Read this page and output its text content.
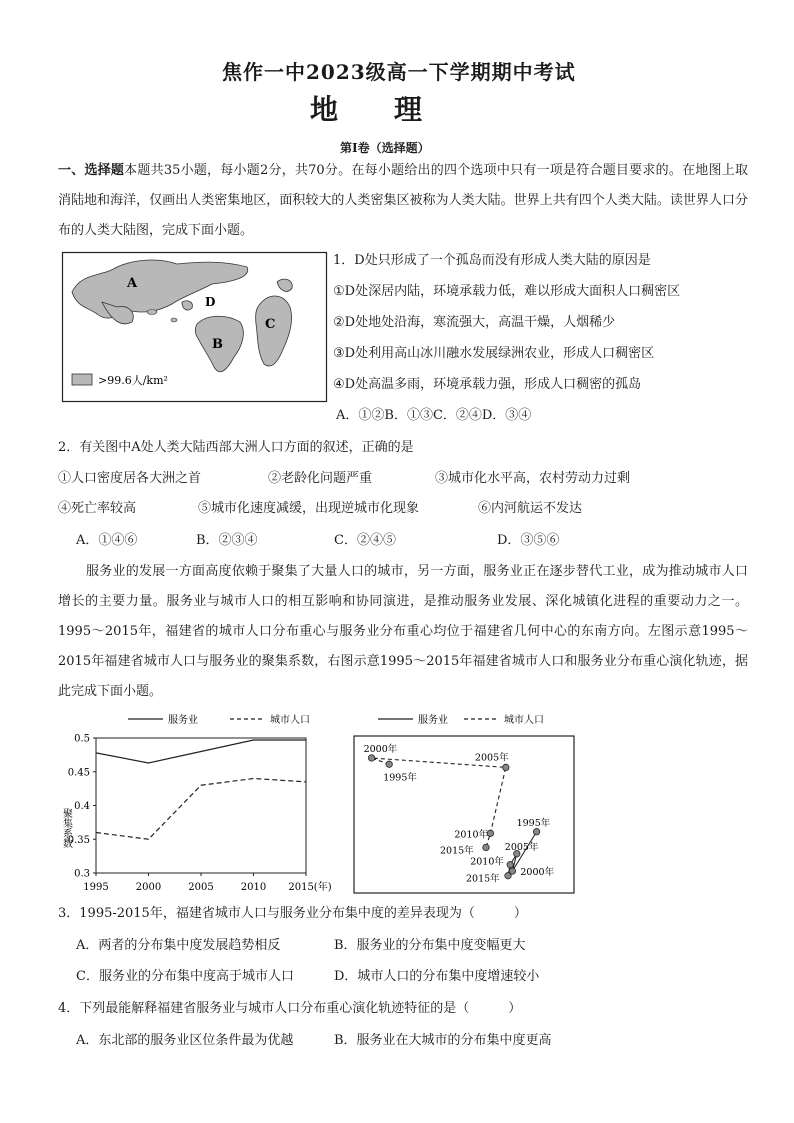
焦作一中2023级高一下学期期中考试
地　　理
第Ⅰ卷（选择题）
一、选择题本题共35小题，每小题2分，共70分。在每小题给出的四个选项中只有一项是符合题目要求的。在地图上取消陆地和海洋，仅画出人类密集地区，面积较大的人类密集区被称为人类大陆。世界上共有四个人类大陆。读世界人口分布的人类大陆图，完成下面小题。
A
B
C
D
>99.6人/km²
1．D处只形成了一个孤岛而没有形成人类大陆的原因是
①D处深居内陆，环境承载力低，难以形成大面积人口稠密区
②D处地处沿海，寒流强大，高温干燥，人烟稀少
③D处利用高山冰川融水发展绿洲农业，形成人口稠密区
④D处高温多雨，环境承载力强，形成人口稠密的孤岛
A．①②B．①③C．②④D．③④
2．有关图中A处人类大陆西部大洲人口方面的叙述，正确的是
①人口密度居各大洲之首	②老龄化问题严重	③城市化水平高，农村劳动力过剩
④死亡率较高	⑤城市化速度减缓，出现逆城市化现象	⑥内河航运不发达
A．①④⑥	B．②③④	C．②④⑤	D．③⑤⑥
服务业的发展一方面高度依赖于聚集了大量人口的城市，另一方面，服务业正在逐步替代工业，成为推动城市人口增长的主要力量。服务业与城市人口的相互影响和协同演进，是推动服务业发展、深化城镇化进程的重要动力之一。1995～2015年，福建省的城市人口分布重心与服务业分布重心均位于福建省几何中心的东南方向。左图示意1995～2015年福建省城市人口与服务业的聚集系数，右图示意1995～2015年福建省城市人口和服务业分布重心演化轨迹，据此完成下面小题。
服务业	城市人口
聚集系数
0.5
0.45
0.4
0.35
0.3
1995	2000	2005	2010 2015(年)
服务业	城市人口
1995年
2000年
2005年
2010年
2015年
1995年
2000年
2005年
2010年
2015年
3．1995-2015年，福建省城市人口与服务业分布集中度的差异表现为（　　　）
A．两者的分布集中度发展趋势相反	B．服务业的分布集中度变幅更大
C．服务业的分布集中度高于城市人口	D．城市人口的分布集中度增速较小
4．下列最能解释福建省服务业与城市人口分布重心演化轨迹特征的是（　　　）
A．东北部的服务业区位条件最为优越	B．服务业在大城市的分布集中度更高
